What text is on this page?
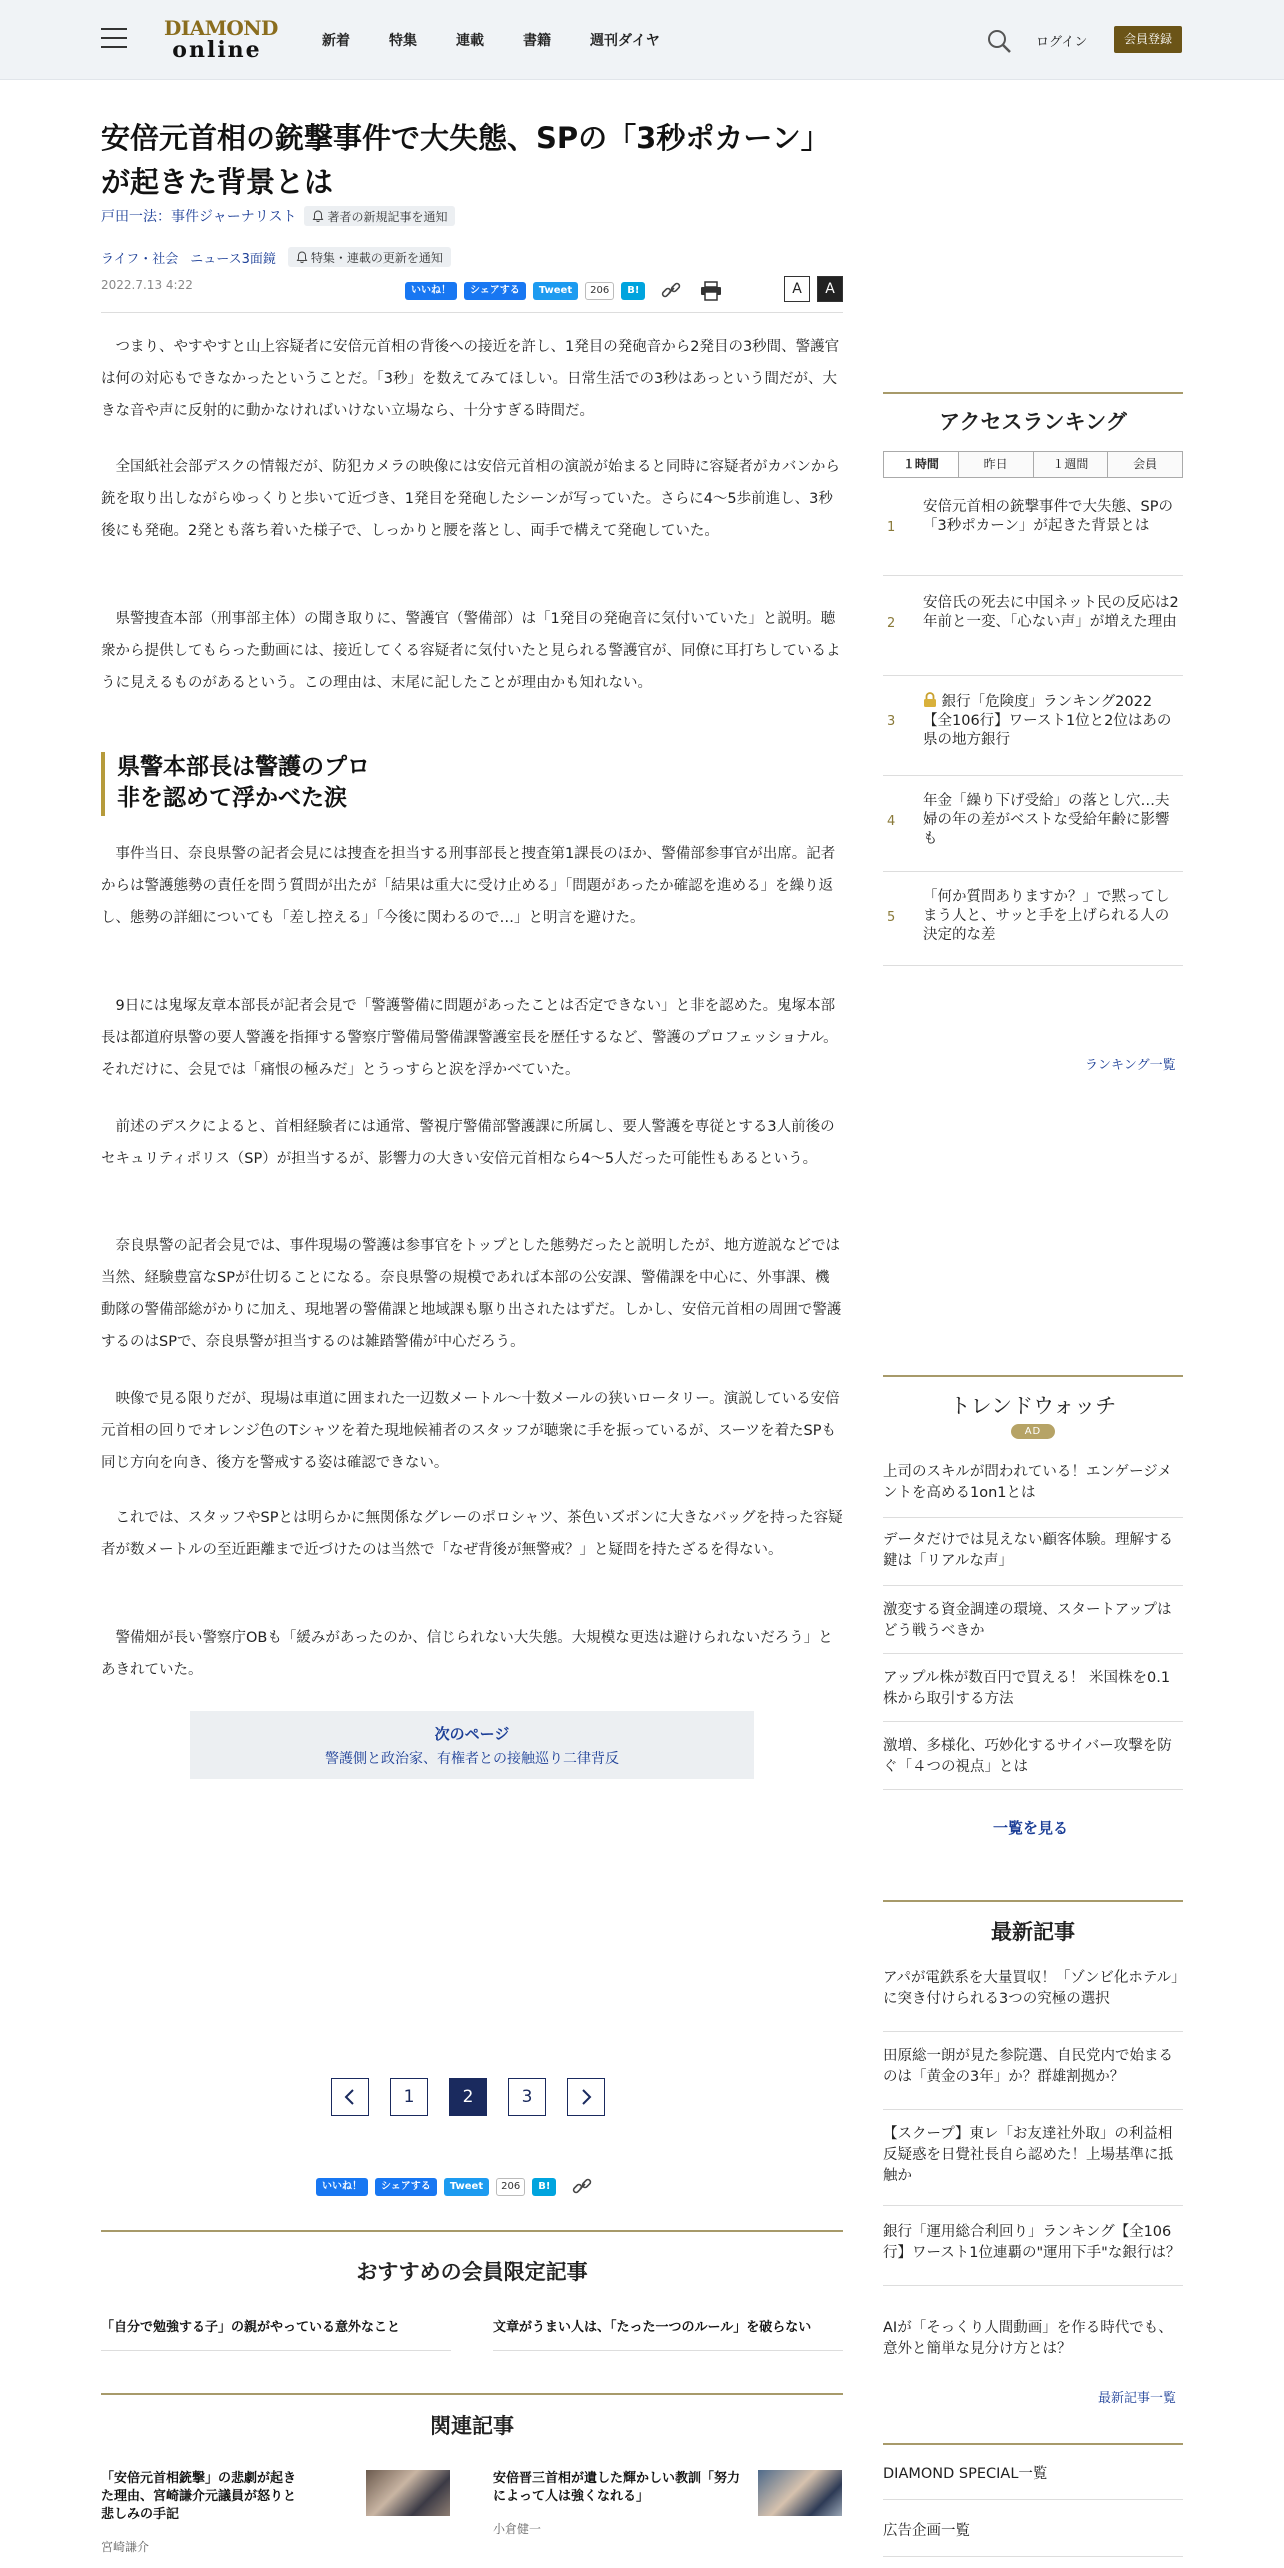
DIAMOND
online	新着	特集	連載	書籍	週刊ダイヤ	ログイン	会員登録
安倍元首相の銃撃事件で大失態、SPの「3秒ポカーン」が起きた背景とは
戸田一法：事件ジャーナリスト	著者の新規記事を通知
ライフ・社会 ニュース3面鏡	特集・連載の更新を通知
2022.7.13 4:22	いいね！	シェアする	Tweet	206	B!	A	A

つまり、やすやすと山上容疑者に安倍元首相の背後への接近を許し、1発目の発砲音から2発目の3秒間、警護官は何の対応もできなかったということだ。「3秒」を数えてみてほしい。日常生活での3秒はあっという間だが、大きな音や声に反射的に動かなければいけない立場なら、十分すぎる時間だ。

全国紙社会部デスクの情報だが、防犯カメラの映像には安倍元首相の演説が始まると同時に容疑者がカバンから銃を取り出しながらゆっくりと歩いて近づき、1発目を発砲したシーンが写っていた。さらに4～5歩前進し、3秒後にも発砲。2発とも落ち着いた様子で、しっかりと腰を落とし、両手で構えて発砲していた。

県警捜査本部（刑事部主体）の聞き取りに、警護官（警備部）は「1発目の発砲音に気付いていた」と説明。聴衆から提供してもらった動画には、接近してくる容疑者に気付いたと見られる警護官が、同僚に耳打ちしているように見えるものがあるという。この理由は、末尾に記したことが理由かも知れない。

県警本部長は警護のプロ
非を認めて浮かべた涙

事件当日、奈良県警の記者会見には捜査を担当する刑事部長と捜査第1課長のほか、警備部参事官が出席。記者からは警護態勢の責任を問う質問が出たが「結果は重大に受け止める」「問題があったか確認を進める」を繰り返し、態勢の詳細についても「差し控える」「今後に関わるので…」と明言を避けた。

9日には鬼塚友章本部長が記者会見で「警護警備に問題があったことは否定できない」と非を認めた。鬼塚本部長は都道府県警の要人警護を指揮する警察庁警備局警備課警護室長を歴任するなど、警護のプロフェッショナル。それだけに、会見では「痛恨の極みだ」とうっすらと涙を浮かべていた。

前述のデスクによると、首相経験者には通常、警視庁警備部警護課に所属し、要人警護を専従とする3人前後のセキュリティポリス（SP）が担当するが、影響力の大きい安倍元首相なら4～5人だった可能性もあるという。

奈良県警の記者会見では、事件現場の警護は参事官をトップとした態勢だったと説明したが、地方遊説などでは当然、経験豊富なSPが仕切ることになる。奈良県警の規模であれば本部の公安課、警備課を中心に、外事課、機動隊の警備部総がかりに加え、現地署の警備課と地域課も駆り出されたはずだ。しかし、安倍元首相の周囲で警護するのはSPで、奈良県警が担当するのは雑踏警備が中心だろう。

映像で見る限りだが、現場は車道に囲まれた一辺数メートル～十数メールの狭いロータリー。演説している安倍元首相の回りでオレンジ色のTシャツを着た現地候補者のスタッフが聴衆に手を振っているが、スーツを着たSPも同じ方向を向き、後方を警戒する姿は確認できない。

これでは、スタッフやSPとは明らかに無関係なグレーのポロシャツ、茶色いズボンに大きなバッグを持った容疑者が数メートルの至近距離まで近づけたのは当然で「なぜ背後が無警戒？」と疑問を持たざるを得ない。

警備畑が長い警察庁OBも「緩みがあったのか、信じられない大失態。大規模な更迭は避けられないだろう」とあきれていた。

次のページ
警護側と政治家、有権者との接触巡り二律背反
1	2	3
いいね！	シェアする	Tweet	206	B!
おすすめの会員限定記事
「自分で勉強する子」の親がやっている意外なこと	文章がうまい人は、「たった一つのルール」を破らない
関連記事
「安倍元首相銃撃」の悲劇が起きた理由、宮崎謙介元議員が怒りと悲しみの手記
宮崎謙介
安倍晋三首相が遺した輝かしい教訓「努力によって人は強くなれる」
小倉健一
アクセスランキング
１時間	昨日	１週間	会員
1
安倍元首相の銃撃事件で大失態、SPの「3秒ポカーン」が起きた背景とは
2
安倍氏の死去に中国ネット民の反応は2年前と一変、「心ない声」が増えた理由
3
銀行「危険度」ランキング2022【全106行】ワースト1位と2位はあの県の地方銀行
4
年金「繰り下げ受給」の落とし穴…夫婦の年の差がベストな受給年齢に影響も
5
「何か質問ありますか？」で黙ってしまう人と、サッと手を上げられる人の決定的な差
ランキング一覧
トレンドウォッチ
AD
上司のスキルが問われている！エンゲージメントを高める1on1とは
データだけでは見えない顧客体験。理解する鍵は「リアルな声」
激変する資金調達の環境、スタートアップはどう戦うべきか
アップル株が数百円で買える！ 米国株を0.1株から取引する方法
激増、多様化、巧妙化するサイバー攻撃を防ぐ「４つの視点」とは
一覧を見る
最新記事
アパが電鉄系を大量買収！「ゾンビ化ホテル」に突き付けられる3つの究極の選択
田原総一朗が見た参院選、自民党内で始まるのは「黄金の3年」か？群雄割拠か？
【スクープ】東レ「お友達社外取」の利益相反疑惑を日覺社長自ら認めた！上場基準に抵触か
銀行「運用総合利回り」ランキング【全106行】ワースト1位連覇の"運用下手"な銀行は？
AIが「そっくり人間動画」を作る時代でも、意外と簡単な見分け方とは？
最新記事一覧
DIAMOND SPECIAL一覧
広告企画一覧
